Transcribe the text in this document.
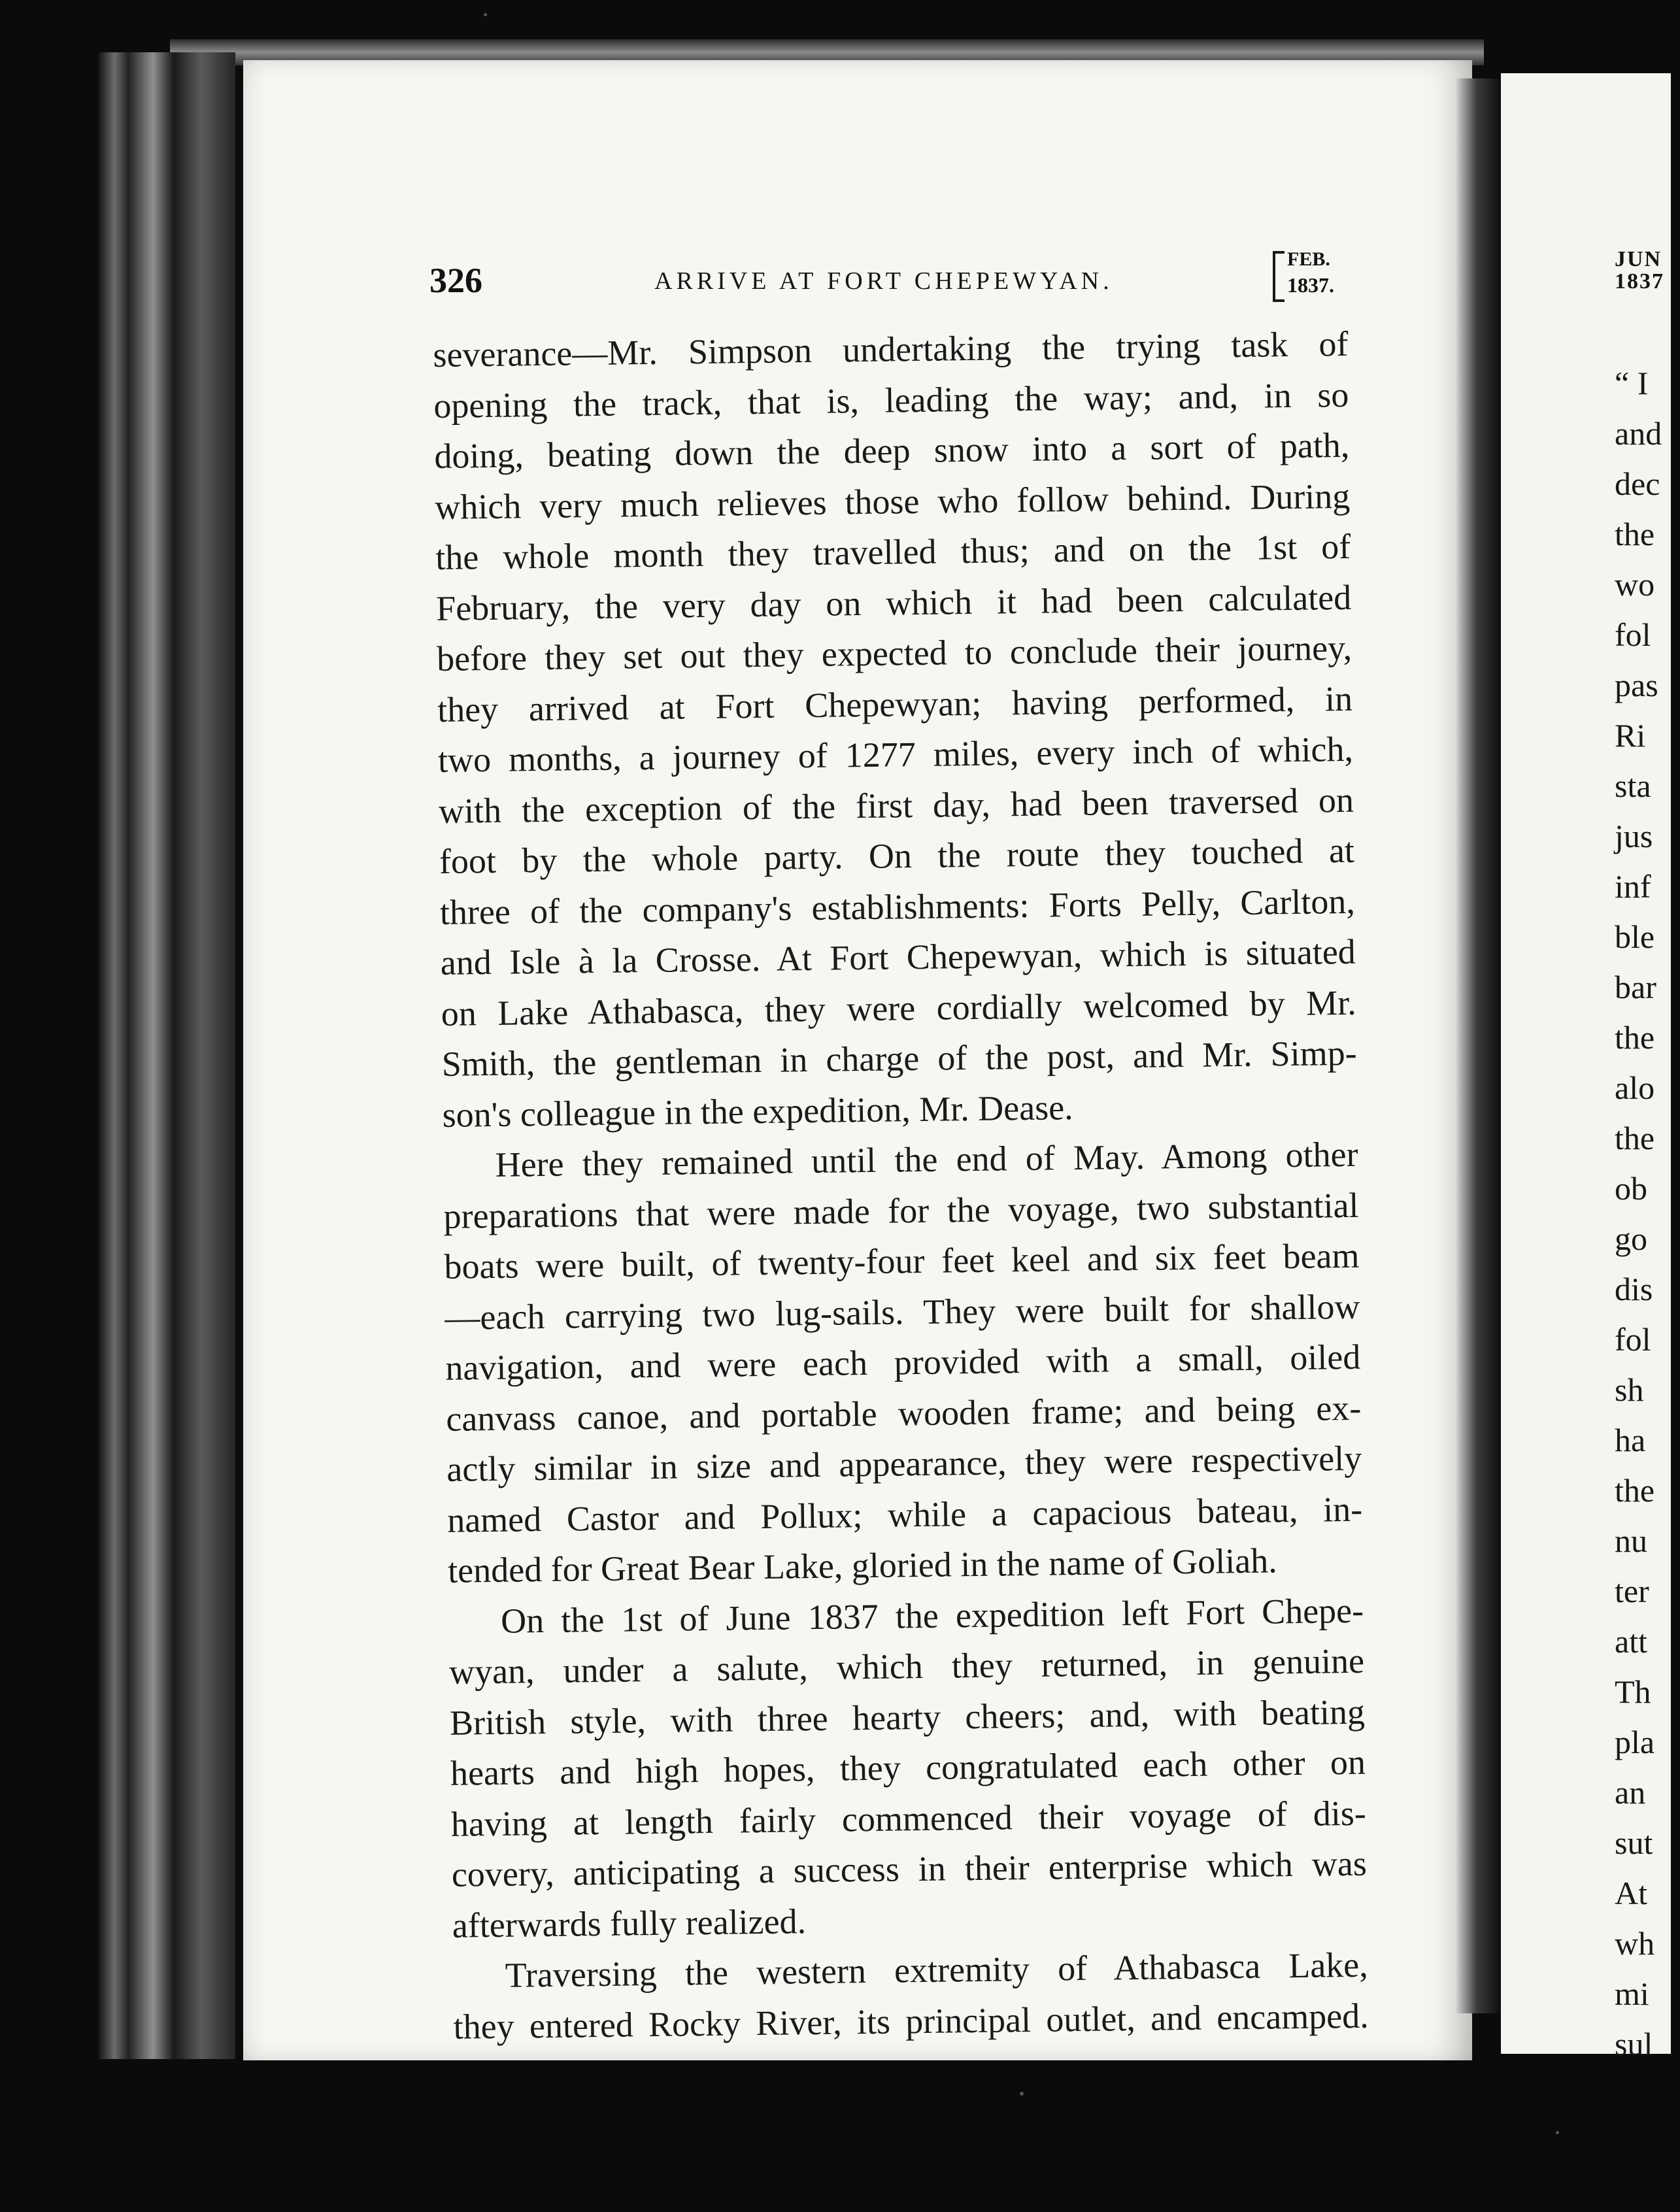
326	ARRIVE AT FORT CHEPEWYAN.
FEB.
1837.
severance—Mr. Simpson undertaking the trying task of
opening the track, that is, leading the way; and, in so
doing, beating down the deep snow into a sort of path,
which very much relieves those who follow behind. During
the whole month they travelled thus; and on the 1st of
February, the very day on which it had been calculated
before they set out they expected to conclude their journey,
they arrived at Fort Chepewyan; having performed, in
two months, a journey of 1277 miles, every inch of which,
with the exception of the first day, had been traversed on
foot by the whole party. On the route they touched at
three of the company's establishments: Forts Pelly, Carlton,
and Isle à la Crosse. At Fort Chepewyan, which is situated
on Lake Athabasca, they were cordially welcomed by Mr.
Smith, the gentleman in charge of the post, and Mr. Simp-
son's colleague in the expedition, Mr. Dease.
Here they remained until the end of May. Among other
preparations that were made for the voyage, two substantial
boats were built, of twenty-four feet keel and six feet beam
—each carrying two lug-sails. They were built for shallow
navigation, and were each provided with a small, oiled
canvass canoe, and portable wooden frame; and being ex-
actly similar in size and appearance, they were respectively
named Castor and Pollux; while a capacious bateau, in-
tended for Great Bear Lake, gloried in the name of Goliah.
On the 1st of June 1837 the expedition left Fort Chepe-
wyan, under a salute, which they returned, in genuine
British style, with three hearty cheers; and, with beating
hearts and high hopes, they congratulated each other on
having at length fairly commenced their voyage of dis-
covery, anticipating a success in their enterprise which was
afterwards fully realized.
Traversing the western extremity of Athabasca Lake,
they entered Rocky River, its principal outlet, and encamped.
JUN
1837
“ I
and
dec
the
wo
fol
pas
Ri
sta
jus
inf
ble
bar
the
alo
the
ob
go
dis
fol
sh
ha
the
nu
ter
att
Th
pla
an
sut
At
wh
mi
sul
